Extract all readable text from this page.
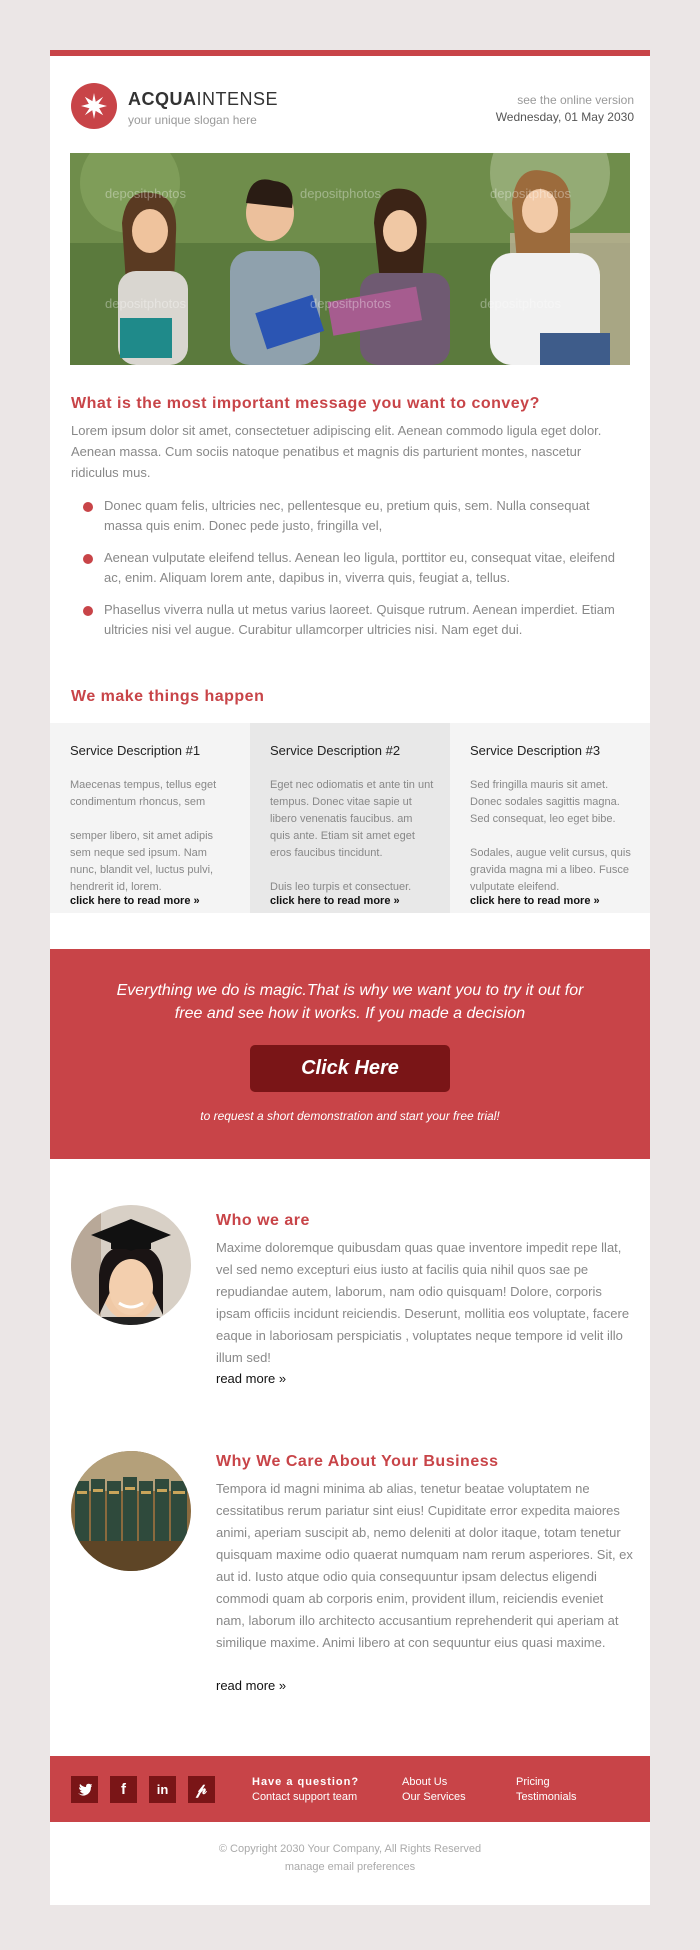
ACQUAINTENSE
your unique slogan here
see the online version
Wednesday, 01 May 2030
depositphotos	depositphotos	depositphotos
depositphotos	depositphotos	depositphotos
What is the most important message you want to convey?
Lorem ipsum dolor sit amet, consectetuer adipiscing elit. Aenean commodo ligula eget dolor. Aenean massa. Cum sociis natoque penatibus et magnis dis parturient montes, nascetur ridiculus mus.
Donec quam felis, ultricies nec, pellentesque eu, pretium quis, sem. Nulla consequat massa quis enim. Donec pede justo, fringilla vel,
Aenean vulputate eleifend tellus. Aenean leo ligula, porttitor eu, consequat vitae, eleifend ac, enim. Aliquam lorem ante, dapibus in, viverra quis, feugiat a, tellus.
Phasellus viverra nulla ut metus varius laoreet. Quisque rutrum. Aenean imperdiet. Etiam ultricies nisi vel augue. Curabitur ullamcorper ultricies nisi. Nam eget dui.
We make things happen
Service Description #1
Maecenas tempus, tellus eget condimentum rhoncus, sem

semper libero, sit amet adipis sem neque sed ipsum. Nam nunc, blandit vel, luctus pulvi, hendrerit id, lorem.
click here to read more »
Service Description #2
Eget nec odiomatis et ante tin unt tempus. Donec vitae sapie ut libero venenatis faucibus. am quis ante. Etiam sit amet eget eros faucibus tincidunt.

Duis leo turpis et consectuer.
click here to read more »
Service Description #3
Sed fringilla mauris sit amet. Donec sodales sagittis magna. Sed consequat, leo eget bibe.

Sodales, augue velit cursus, quis gravida magna mi a libeo. Fusce vulputate eleifend.
click here to read more »
Everything we do is magic.That is why we want you to try it out for free and see how it works. If you made a decision
Click Here
to request a short demonstration and start your free trial!
Who we are
Maxime doloremque quibusdam quas quae inventore impedit repe llat, vel sed nemo excepturi eius iusto at facilis quia nihil quos sae pe repudiandae autem, laborum, nam odio quisquam! Dolore, corporis ipsam officiis incidunt reiciendis. Deserunt, mollitia eos voluptate, facere eaque in laboriosam perspiciatis , voluptates neque tempore id velit illo illum sed!
read more »
Why We Care About Your Business
Tempora id magni minima ab alias, tenetur beatae voluptatem ne cessitatibus rerum pariatur sint eius! Cupiditate error expedita maiores animi, aperiam suscipit ab, nemo deleniti at dolor itaque, totam tenetur quisquam maxime odio quaerat numquam nam rerum asperiores. Sit, ex aut id. Iusto atque odio quia consequuntur ipsam delectus eligendi commodi quam ab corporis enim, provident illum, reiciendis eveniet nam, laborum illo architecto accusantium reprehenderit qui aperiam at similique maxime. Animi libero at con sequuntur eius quasi maxime.
read more »
f	in	𝓅	Have a question?
Contact support team
About Us
Our Services
Pricing
Testimonials
© Copyright 2030 Your Company, All Rights Reserved
manage email preferences
